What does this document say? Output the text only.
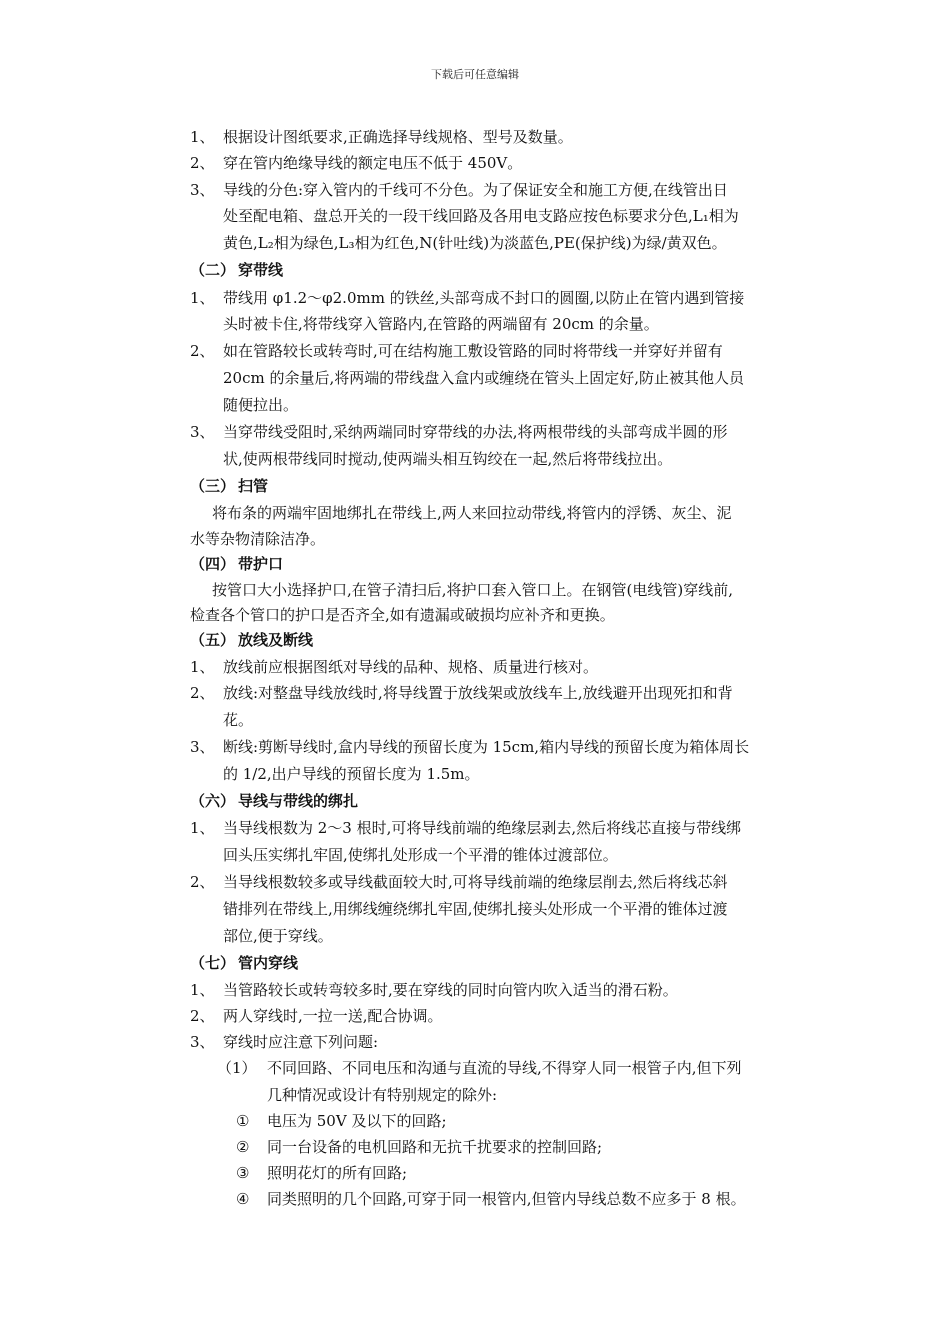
下载后可任意编辑
1、 根据设计图纸要求,正确选择导线规格、型号及数量。
2、 穿在管内绝缘导线的额定电压不低于 450V。
3、 导线的分色:穿入管内的千线可不分色。为了保证安全和施工方便,在线管出日
处至配电箱、盘总开关的一段干线回路及各用电支路应按色标要求分色,L₁相为
黄色,L₂相为绿色,L₃相为红色,N(针吐线)为淡蓝色,PE(保护线)为绿/黄双色。
（二） 穿带线
1、 带线用 φ1.2～φ2.0mm 的铁丝,头部弯成不封口的圆圈,以防止在管内遇到管接
头时被卡住,将带线穿入管路内,在管路的两端留有 20cm 的余量。
2、 如在管路较长或转弯时,可在结构施工敷设管路的同时将带线一并穿好并留有
20cm 的余量后,将两端的带线盘入盒内或缠绕在管头上固定好,防止被其他人员
随便拉出。
3、 当穿带线受阻时,采纳两端同时穿带线的办法,将两根带线的头部弯成半圆的形
状,使两根带线同时搅动,使两端头相互钩绞在一起,然后将带线拉出。
（三） 扫管
将布条的两端牢固地绑扎在带线上,两人来回拉动带线,将管内的浮锈、灰尘、泥
水等杂物清除洁净。
（四） 带护口
按管口大小选择护口,在管子清扫后,将护口套入管口上。在钢管(电线管)穿线前,
检查各个管口的护口是否齐全,如有遗漏或破损均应补齐和更换。
（五） 放线及断线
1、 放线前应根据图纸对导线的品种、规格、质量进行核对。
2、 放线:对整盘导线放线时,将导线置于放线架或放线车上,放线避开出现死扣和背
花。
3、 断线:剪断导线时,盒内导线的预留长度为 15cm,箱内导线的预留长度为箱体周长
的 1/2,出户导线的预留长度为 1.5m。
（六） 导线与带线的绑扎
1、 当导线根数为 2～3 根时,可将导线前端的绝缘层剥去,然后将线芯直接与带线绑
回头压实绑扎牢固,使绑扎处形成一个平滑的锥体过渡部位。
2、 当导线根数较多或导线截面较大时,可将导线前端的绝缘层削去,然后将线芯斜
错排列在带线上,用绑线缠绕绑扎牢固,使绑扎接头处形成一个平滑的锥体过渡
部位,便于穿线。
（七） 管内穿线
1、 当管路较长或转弯较多时,要在穿线的同时向管内吹入适当的滑石粉。
2、 两人穿线时,一拉一送,配合协调。
3、 穿线时应注意下列问题:
（1） 不同回路、不同电压和沟通与直流的导线,不得穿人同一根管子内,但下列
几种情况或设计有特别规定的除外:
① 电压为 50V 及以下的回路;
② 同一台设备的电机回路和无抗千扰要求的控制回路;
③ 照明花灯的所有回路;
④ 同类照明的几个回路,可穿于同一根管内,但管内导线总数不应多于 8 根。
